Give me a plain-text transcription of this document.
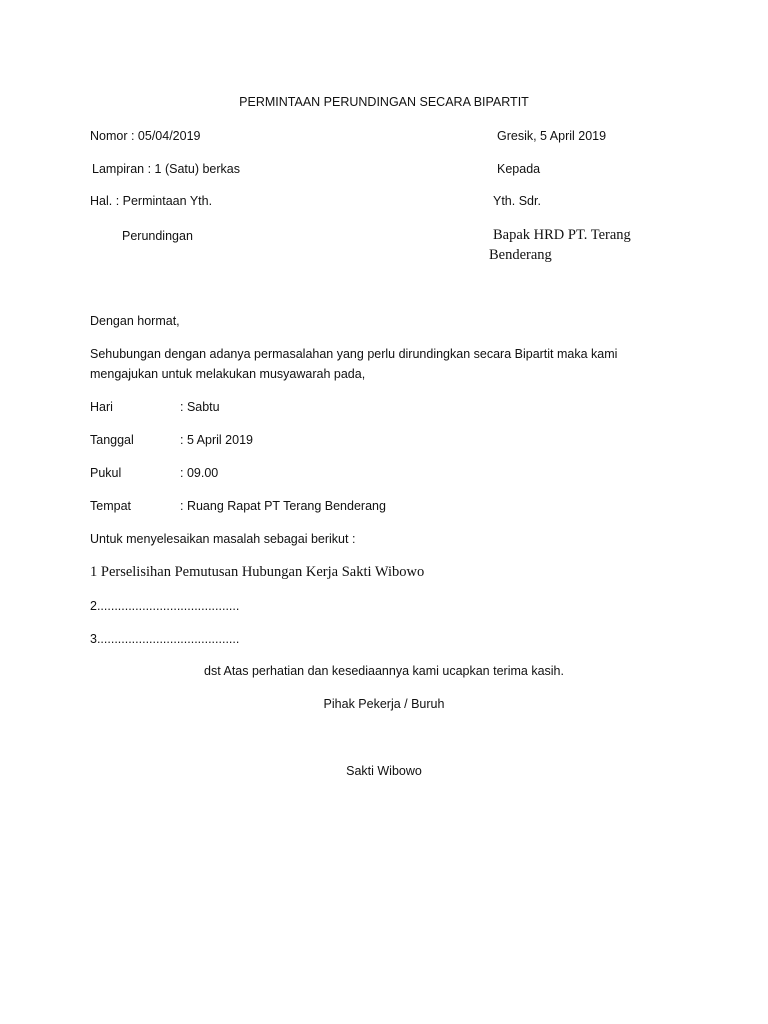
PERMINTAAN PERUNDINGAN SECARA BIPARTIT
Nomor : 05/04/2019	Gresik, 5 April 2019
Lampiran : 1 (Satu) berkas	Kepada
Hal. : Permintaan Yth.	Yth. Sdr.
Perundingan	Bapak HRD PT. Terang
Benderang
Dengan hormat,
Sehubungan dengan adanya permasalahan yang perlu dirundingkan secara Bipartit maka kami
mengajukan untuk melakukan musyawarah pada,
Hari	: Sabtu
Tanggal	: 5 April 2019
Pukul	: 09.00
Tempat	: Ruang Rapat PT Terang Benderang
Untuk menyelesaikan masalah sebagai berikut :
1 Perselisihan Pemutusan Hubungan Kerja Sakti Wibowo
2.........................................
3.........................................
dst Atas perhatian dan kesediaannya kami ucapkan terima kasih.
Pihak Pekerja / Buruh
Sakti Wibowo
